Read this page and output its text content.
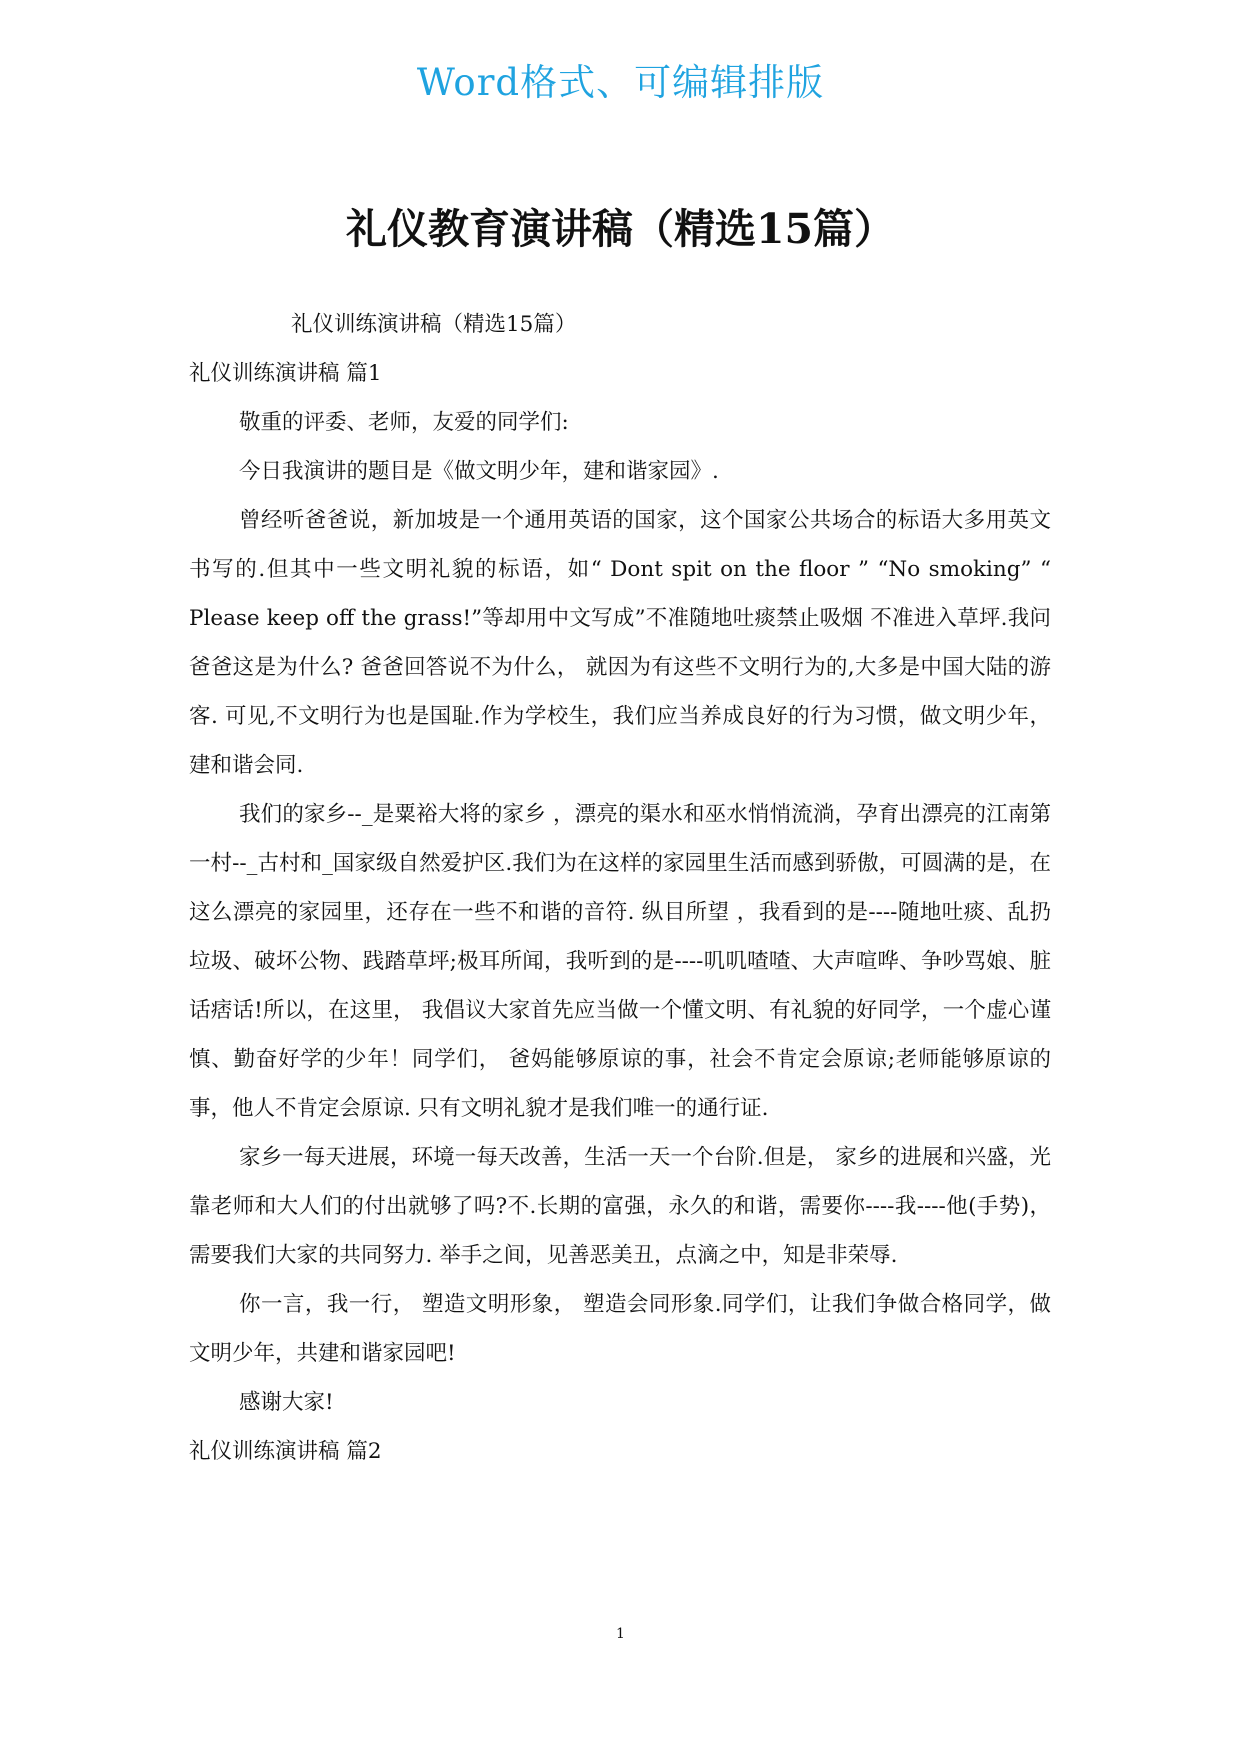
Word格式、可编辑排版
礼仪教育演讲稿（精选15篇）

礼仪训练演讲稿（精选15篇）

礼仪训练演讲稿 篇1

敬重的评委、老师，友爱的同学们:

今日我演讲的题目是《做文明少年，建和谐家园》.

曾经听爸爸说，新加坡是一个通用英语的国家，这个国家公共场合的标语大多用英文书写的.但其中一些文明礼貌的标语，如“ Dont spit on the floor ” “No smoking” “ Please keep off the grass!”等却用中文写成”不准随地吐痰禁止吸烟 不准进入草坪.我问爸爸这是为什么? 爸爸回答说不为什么， 就因为有这些不文明行为的,大多是中国大陆的游客. 可见,不文明行为也是国耻.作为学校生，我们应当养成良好的行为习惯，做文明少年， 建和谐会同.

我们的家乡--_是粟裕大将的家乡 ，漂亮的渠水和巫水悄悄流淌，孕育出漂亮的江南第一村--_古村和_国家级自然爱护区.我们为在这样的家园里生活而感到骄傲，可圆满的是，在这么漂亮的家园里，还存在一些不和谐的音符. 纵目所望 ，我看到的是----随地吐痰、乱扔垃圾、破坏公物、践踏草坪;极耳所闻，我听到的是----叽叽喳喳、大声喧哗、争吵骂娘、脏话痞话!所以，在这里， 我倡议大家首先应当做一个懂文明、有礼貌的好同学，一个虚心谨慎、勤奋好学的少年！同学们， 爸妈能够原谅的事，社会不肯定会原谅;老师能够原谅的事，他人不肯定会原谅. 只有文明礼貌才是我们唯一的通行证.

家乡一每天进展，环境一每天改善，生活一天一个台阶.但是， 家乡的进展和兴盛，光靠老师和大人们的付出就够了吗?不.长期的富强，永久的和谐，需要你----我----他(手势)，需要我们大家的共同努力. 举手之间，见善恶美丑，点滴之中，知是非荣辱.

你一言，我一行， 塑造文明形象， 塑造会同形象.同学们，让我们争做合格同学，做文明少年，共建和谐家园吧!

感谢大家!

礼仪训练演讲稿 篇2

1
